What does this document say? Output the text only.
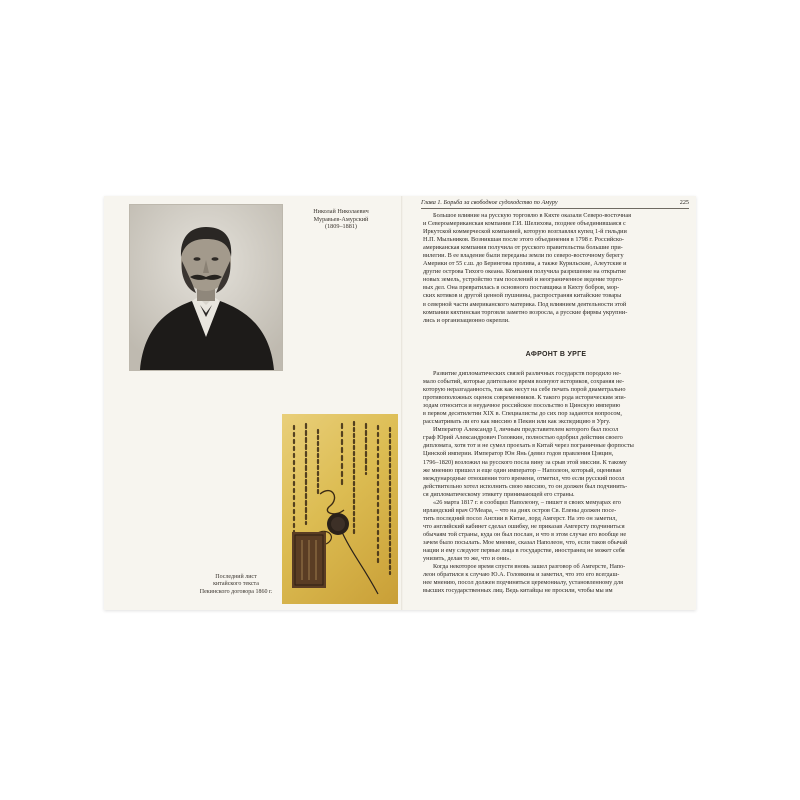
Николай Николаевич
Муравьев-Амурский
(1809–1881)
Последний лист
китайского текста
Пекинского договора 1860 г.
Глава 1. Борьба за свободное судоходство по Амуру	225
Большое влияние на русскую торговлю в Кяхте оказали Северо-восточная
и Североамериканская компании Г.И. Шелихова, позднее объединившаяся с
Иркутской коммерческой компанией, которую возглавлял купец 1-й гильдии
Н.П. Мыльников. Возникшая после этого объединения в 1798 г. Российско-
американская компания получила от русского правительства большие при-
вилегии. В ее владение были переданы земли по северо-восточному берегу
Америки от 55 с.ш. до Берингова пролива, а также Курильские, Алеутские и
другие острова Тихого океана. Компания получила разрешение на открытие
новых земель, устройство там поселений и неограниченное ведение торго-
вых дел. Она превратилась в основного поставщика в Кяхту бобров, мор-
ских котиков и другой ценной пушнины, распространяя китайские товары
в северной части американского материка. Под влиянием деятельности этой
компании кяхтинская торговля заметно возросла, а русские фирмы укрупни-
лись и организационно окрепли.
АФРОНТ В УРГЕ
Развитие дипломатических связей различных государств породило не-
мало событий, которые длительное время волнуют историков, сохраняя не-
которую неразгаданность, так как несут на себе печать порой диаметрально
противоположных оценок современников. К такого рода историческим эпи-
зодам относится и неудачное российское посольство в Цинскую империю
в первом десятилетии XIX в. Специалисты до сих пор задаются вопросом,
рассматривать ли его как миссию в Пекин или как экспедицию в Ургу.
Император Александр I, личным представителем которого был посол
граф Юрий Александрович Головкин, полностью одобрил действия своего
дипломата, хотя тот и не сумел проехать в Китай через пограничные форпосты
Цинской империи. Император Юн Янь (девиз годов правления Цзяцин,
1796–1820) возложил на русского посла вину за срыв этой миссии. К такому
же мнению пришел и еще один император – Наполеон, который, оценивая
международные отношения того времени, отметил, что если русский посол
действительно хотел исполнить свою миссию, то он должен был подчинить-
ся дипломатическому этикету принимающей его страны.
«26 марта 1817 г. я сообщил Наполеону, – пишет в своих мемуарах его
ирландский врач О'Мeара, – что на днях остров Св. Елены должен посе-
тить последний посол Англии в Китае, лорд Амгерст. На это он заметил,
что английский кабинет сделал ошибку, не приказав Амгерсту подчиниться
обычаям той страны, куда он был послан, и что в этом случае его вообще не
зачем было посылать. Мое мнение, сказал Наполеон, что, если таков обычай
нации и ему следуют первые лица в государстве, иностранец не может себя
унизить, делая то же, что и они».
Когда некоторое время спустя вновь зашел разговор об Амгерсте, Напо-
леон обратился к случаю Ю.А. Головкина и заметил, что это его всегдаш-
нее мнению, посол должен подчиняться церемониалу, установленному для
высших государственных лиц. Ведь китайцы не просили, чтобы мы им
